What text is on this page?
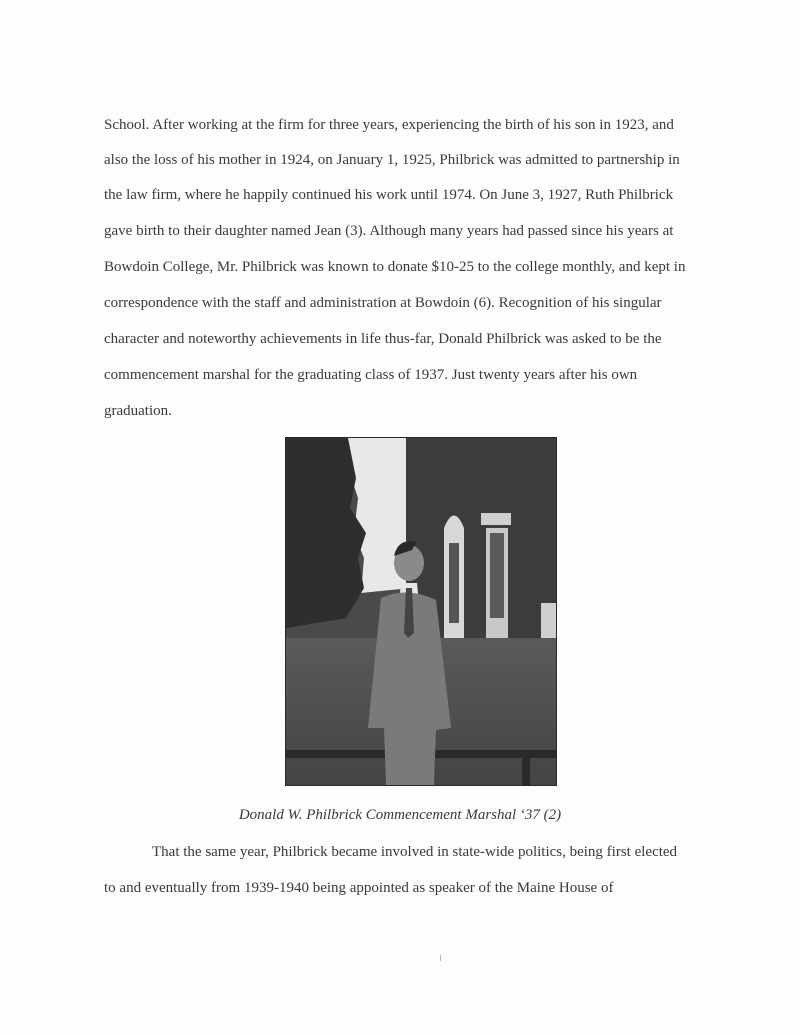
School. After working at the firm for three years, experiencing the birth of his son in 1923, and
also the loss of his mother in 1924, on January 1, 1925, Philbrick was admitted to partnership in
the law firm, where he happily continued his work until 1974. On June 3, 1927, Ruth Philbrick
gave birth to their daughter named Jean (3). Although many years had passed since his years at
Bowdoin College, Mr. Philbrick was known to donate $10-25 to the college monthly, and kept in
correspondence with the staff and administration at Bowdoin (6). Recognition of his singular
character and noteworthy achievements in life thus-far, Donald Philbrick was asked to be the
commencement marshal for the graduating class of 1937. Just twenty years after his own
graduation.
Donald W. Philbrick Commencement Marshal ‘37 (2)
That the same year, Philbrick became involved in state-wide politics, being first elected
to and eventually from 1939-1940 being appointed as speaker of the Maine House of
